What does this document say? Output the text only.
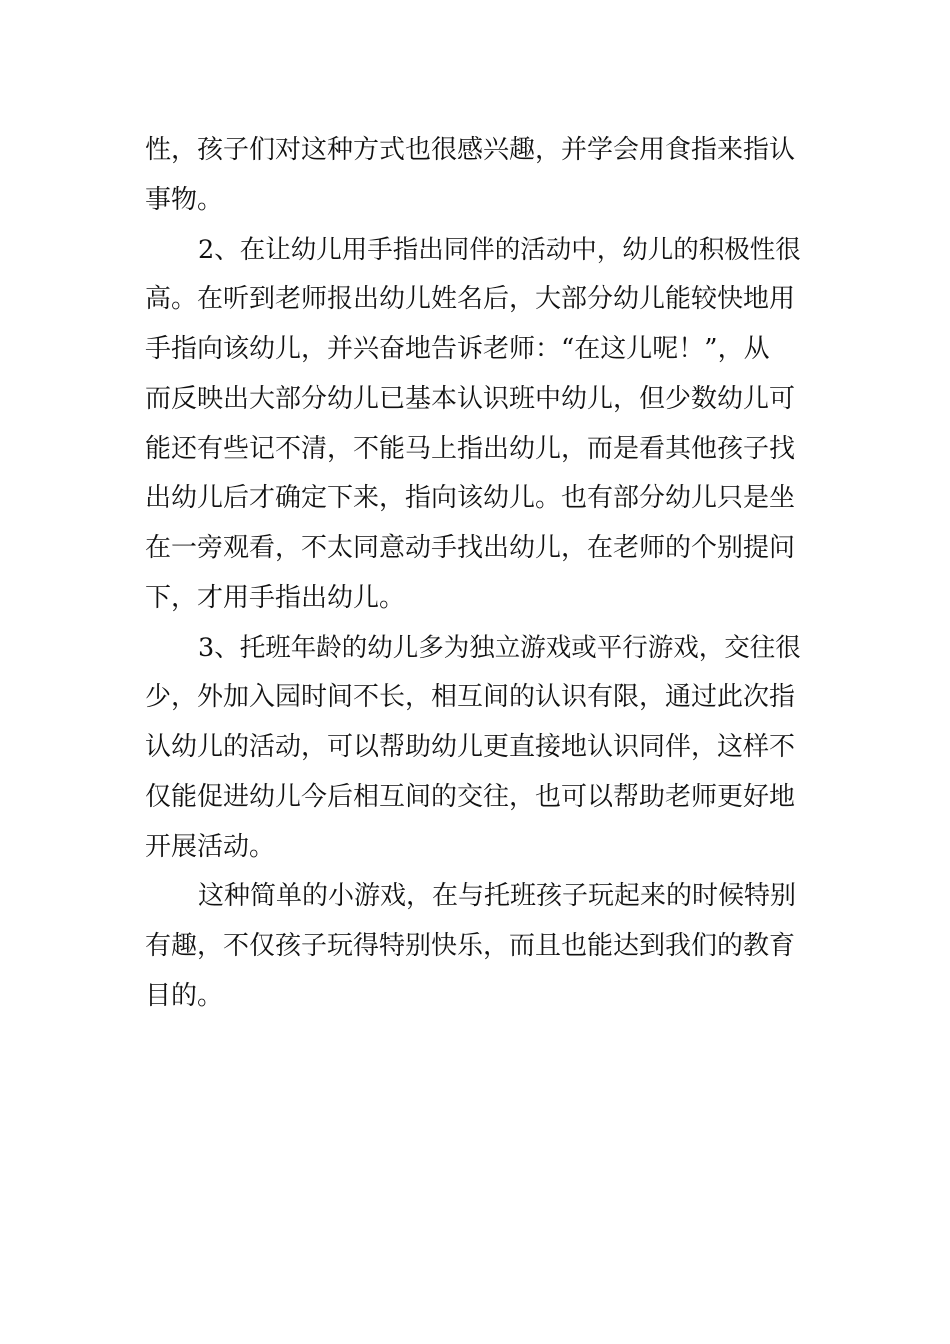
性，孩子们对这种方式也很感兴趣，并学会用食指来指认
事物。
2、在让幼儿用手指出同伴的活动中，幼儿的积极性很
高。在听到老师报出幼儿姓名后，大部分幼儿能较快地用
手指向该幼儿，并兴奋地告诉老师：“在这儿呢！”，从
而反映出大部分幼儿已基本认识班中幼儿，但少数幼儿可
能还有些记不清，不能马上指出幼儿，而是看其他孩子找
出幼儿后才确定下来，指向该幼儿。也有部分幼儿只是坐
在一旁观看，不太同意动手找出幼儿，在老师的个别提问
下，才用手指出幼儿。
3、托班年龄的幼儿多为独立游戏或平行游戏，交往很
少，外加入园时间不长，相互间的认识有限，通过此次指
认幼儿的活动，可以帮助幼儿更直接地认识同伴，这样不
仅能促进幼儿今后相互间的交往，也可以帮助老师更好地
开展活动。
这种简单的小游戏，在与托班孩子玩起来的时候特别
有趣，不仅孩子玩得特别快乐，而且也能达到我们的教育
目的。
